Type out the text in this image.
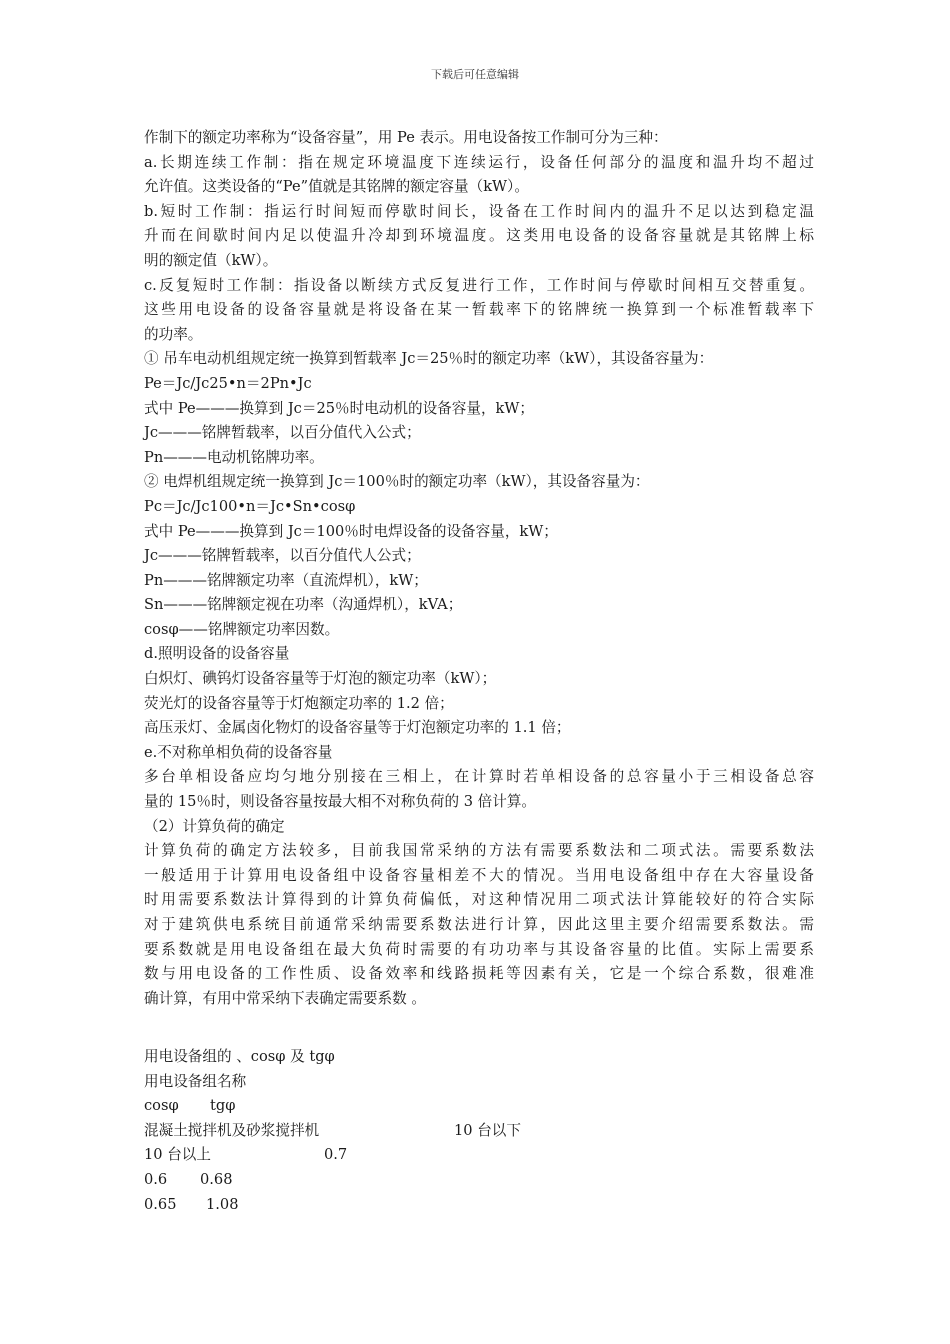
下载后可任意编辑
作制下的额定功率称为“设备容量”，用 Pe 表示。用电设备按工作制可分为三种：
a.长期连续工作制：指在规定环境温度下连续运行，设备任何部分的温度和温升均不超过
允许值。这类设备的“Pe”值就是其铭牌的额定容量（kW）。
b.短时工作制：指运行时间短而停歇时间长，设备在工作时间内的温升不足以达到稳定温
升而在间歇时间内足以使温升冷却到环境温度。这类用电设备的设备容量就是其铭牌上标
明的额定值（kW）。
c.反复短时工作制：指设备以断续方式反复进行工作，工作时间与停歇时间相互交替重复。
这些用电设备的设备容量就是将设备在某一暂载率下的铭牌统一换算到一个标准暂载率下
的功率。
① 吊车电动机组规定统一换算到暂载率 Jc＝25％时的额定功率（kW），其设备容量为：
Pe＝Jc/Jc25•n＝2Pn•Jc
式中 Pe———换算到 Jc＝25％时电动机的设备容量，kW；
Jc———铭牌暂载率，以百分值代入公式；
Pn———电动机铭牌功率。
② 电焊机组规定统一换算到 Jc＝100％时的额定功率（kW），其设备容量为：
Pc＝Jc/Jc100•n＝Jc•Sn•cosφ
式中 Pe———换算到 Jc＝100％时电焊设备的设备容量，kW；
Jc———铭牌暂载率，以百分值代人公式；
Pn———铭牌额定功率（直流焊机），kW；
Sn———铭牌额定视在功率（沟通焊机），kVA；
cosφ——铭牌额定功率因数。
d.照明设备的设备容量
白炽灯、碘钨灯设备容量等于灯泡的额定功率（kW）；
荧光灯的设备容量等于灯炮额定功率的 1.2 倍；
高压汞灯、金属卤化物灯的设备容量等于灯泡额定功率的 1.1 倍；
e.不对称单相负荷的设备容量
多台单相设备应均匀地分别接在三相上，在计算时若单相设备的总容量小于三相设备总容
量的 15％时，则设备容量按最大相不对称负荷的 3 倍计算。
（2）计算负荷的确定
计算负荷的确定方法较多，目前我国常采纳的方法有需要系数法和二项式法。需要系数法
一般适用于计算用电设备组中设备容量相差不大的情况。当用电设备组中存在大容量设备
时用需要系数法计算得到的计算负荷偏低，对这种情况用二项式法计算能较好的符合实际
对于建筑供电系统目前通常采纳需要系数法进行计算，因此这里主要介绍需要系数法。需
要系数就是用电设备组在最大负荷时需要的有功功率与其设备容量的比值。实际上需要系
数与用电设备的工作性质、设备效率和线路损耗等因素有关，它是一个综合系数，很难准
确计算，有用中常采纳下表确定需要系数 。
用电设备组的 、cosφ 及 tgφ
用电设备组名称
cosφ tgφ
混凝土搅拌机及砂浆搅拌机	10 台以下
10 台以上	0.7
0.6 0.68
0.65 1.08
